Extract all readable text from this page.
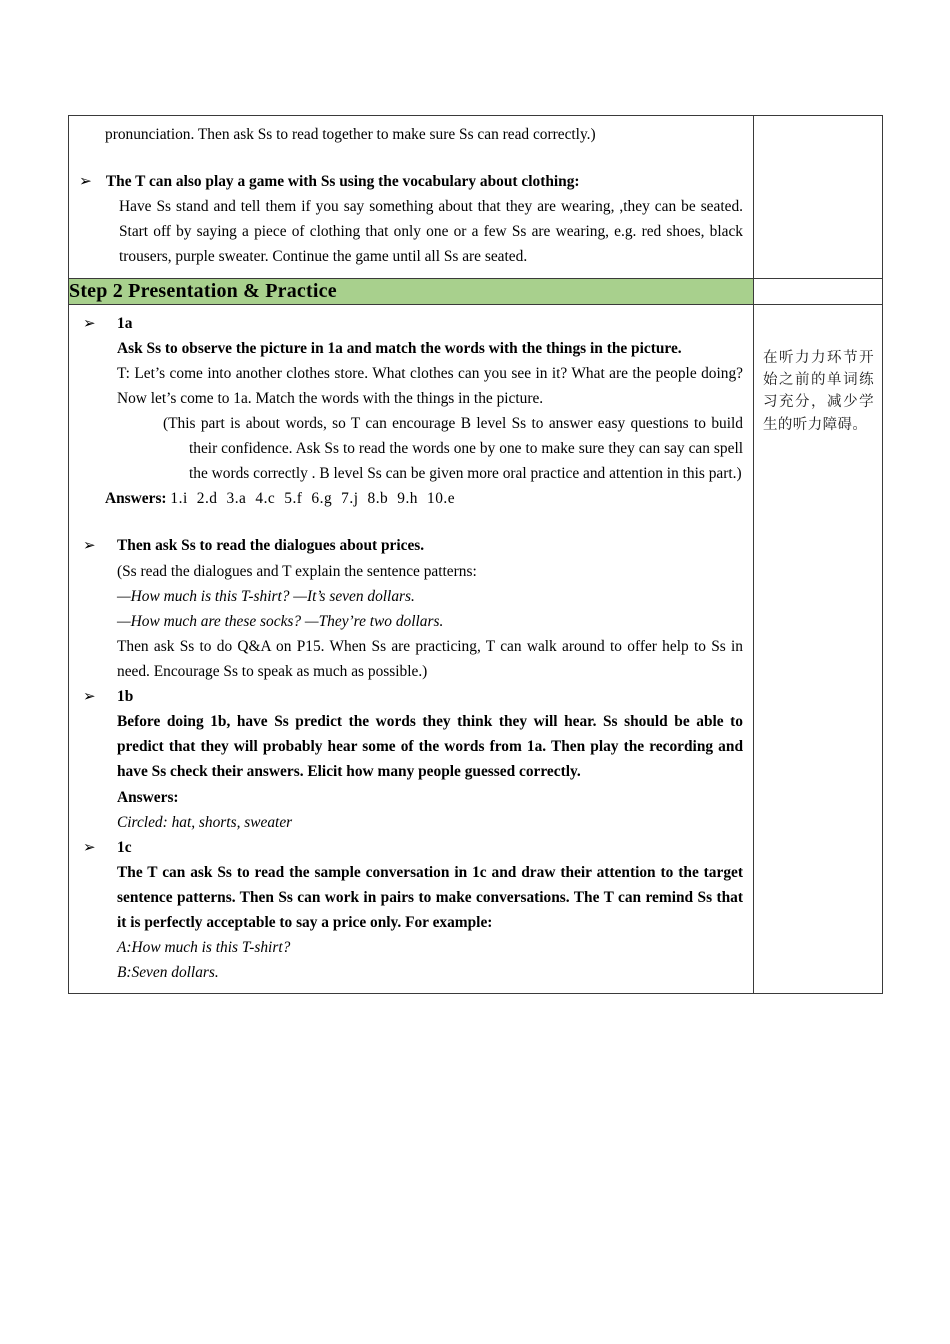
pronunciation. Then ask Ss to read together to make sure Ss can read correctly.)

➢ The T can also play a game with Ss using the vocabulary about clothing:

Have Ss stand and tell them if you say something about that they are wearing, ,they can be seated. Start off by saying a piece of clothing that only one or a few Ss are wearing, e.g. red shoes, black trousers, purple sweater. Continue the game until all Ss are seated.	

Step 2 Presentation & Practice	

➢	1a

Ask Ss to observe the picture in 1a and match the words with the things in the picture.

T: Let’s come into another clothes store. What clothes can you see in it? What are the people doing? Now let’s come to 1a. Match the words with the things in the picture.

(This part is about words, so T can encourage B level Ss to answer easy questions to build their confidence. Ask Ss to read the words one by one to make sure they can say can spell the words correctly . B level Ss can be given more oral practice and attention in this part.)

Answers: 1.i 2.d 3.a 4.c 5.f 6.g 7.j 8.b 9.h 10.e
➢	Then ask Ss to read the dialogues about prices.

(Ss read the dialogues and T explain the sentence patterns:

—How much is this T-shirt? —It’s seven dollars.

—How much are these socks? —They’re two dollars.

Then ask Ss to do Q&A on P15. When Ss are practicing, T can walk around to offer help to Ss in need. Encourage Ss to speak as much as possible.)

➢	1b

Before doing 1b, have Ss predict the words they think they will hear. Ss should be able to predict that they will probably hear some of the words from 1a. Then play the recording and have Ss check their answers. Elicit how many people guessed correctly.

Answers:

Circled: hat, shorts, sweater

➢	1c

The T can ask Ss to read the sample conversation in 1c and draw their attention to the target sentence patterns. Then Ss can work in pairs to make conversations. The T can remind Ss that it is perfectly acceptable to say a price only. For example:

A:How much is this T-shirt?

B:Seven dollars.

在听力力环节开始之前的单词练习充分，减少学生的听力障碍。
